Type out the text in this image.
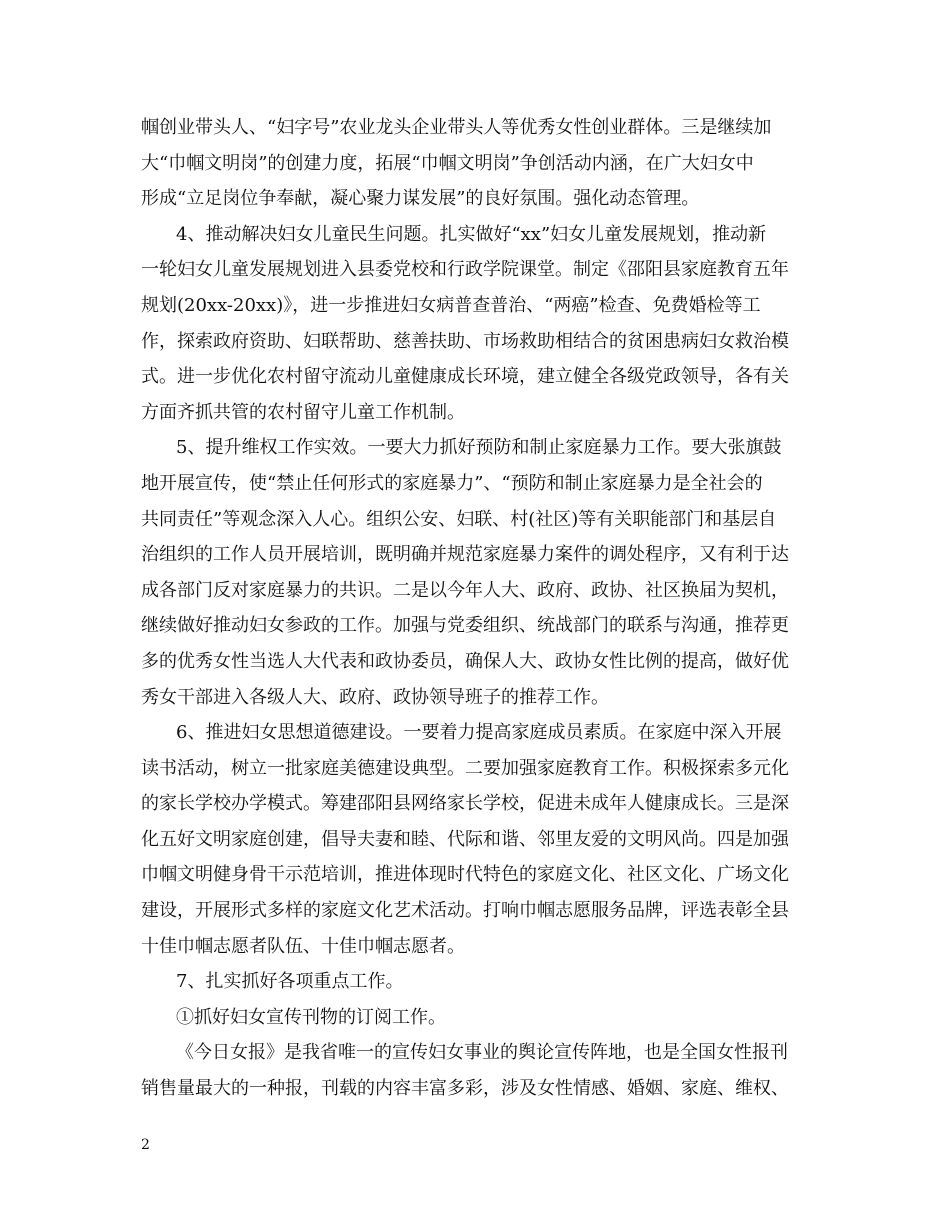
帼创业带头人、“妇字号”农业龙头企业带头人等优秀女性创业群体。三是继续加
大“巾帼文明岗”的创建力度，拓展“巾帼文明岗”争创活动内涵，在广大妇女中
形成“立足岗位争奉献，凝心聚力谋发展”的良好氛围。强化动态管理。
4、推动解决妇女儿童民生问题。扎实做好“xx”妇女儿童发展规划，推动新
一轮妇女儿童发展规划进入县委党校和行政学院课堂。制定《邵阳县家庭教育五年
规划(20xx-20xx)》，进一步推进妇女病普查普治、“两癌”检查、免费婚检等工
作，探索政府资助、妇联帮助、慈善扶助、市场救助相结合的贫困患病妇女救治模
式。进一步优化农村留守流动儿童健康成长环境，建立健全各级党政领导，各有关
方面齐抓共管的农村留守儿童工作机制。
5、提升维权工作实效。一要大力抓好预防和制止家庭暴力工作。要大张旗鼓
地开展宣传，使“禁止任何形式的家庭暴力”、“预防和制止家庭暴力是全社会的
共同责任”等观念深入人心。组织公安、妇联、村(社区)等有关职能部门和基层自
治组织的工作人员开展培训，既明确并规范家庭暴力案件的调处程序，又有利于达
成各部门反对家庭暴力的共识。二是以今年人大、政府、政协、社区换届为契机，
继续做好推动妇女参政的工作。加强与党委组织、统战部门的联系与沟通，推荐更
多的优秀女性当选人大代表和政协委员，确保人大、政协女性比例的提高，做好优
秀女干部进入各级人大、政府、政协领导班子的推荐工作。
6、推进妇女思想道德建设。一要着力提高家庭成员素质。在家庭中深入开展
读书活动，树立一批家庭美德建设典型。二要加强家庭教育工作。积极探索多元化
的家长学校办学模式。筹建邵阳县网络家长学校，促进未成年人健康成长。三是深
化五好文明家庭创建，倡导夫妻和睦、代际和谐、邻里友爱的文明风尚。四是加强
巾帼文明健身骨干示范培训，推进体现时代特色的家庭文化、社区文化、广场文化
建设，开展形式多样的家庭文化艺术活动。打响巾帼志愿服务品牌，评选表彰全县
十佳巾帼志愿者队伍、十佳巾帼志愿者。
7、扎实抓好各项重点工作。
①抓好妇女宣传刊物的订阅工作。
《今日女报》是我省唯一的宣传妇女事业的舆论宣传阵地，也是全国女性报刊
销售量最大的一种报，刊载的内容丰富多彩，涉及女性情感、婚姻、家庭、维权、
2
